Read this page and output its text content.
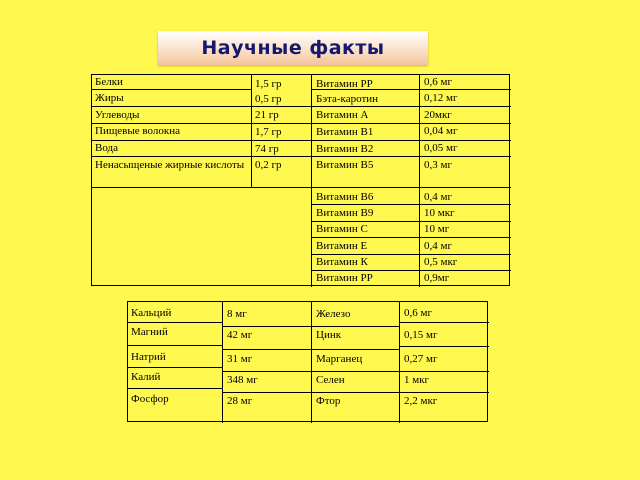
Научные факты
Белки	1,5 гр
Жиры	0,5 гр
Углеводы	21 гр
Пищевые волокна	1,7 гр
Вода	74 гр
Ненасыщеные жирные кислоты 0,2 гр
Витамин РР	0,6 мг
Бэта-каротин	0,12 мг
Витамин А	20мкг
Витамин В1	0,04 мг
Витамин В2	0,05 мг
Витамин В5	0,3 мг
Витамин В6	0,4 мг
Витамин В9	10 мкг
Витамин С	10 мг
Витамин Е	0,4 мг
Витамин К	0,5 мкг
Витамин РР	0,9мг
Кальций	8 мг
Магний	42 мг
Натрий	31 мг
Калий	348 мг
Фосфор	28 мг
Железо	0,6 мг
Цинк	0,15 мг
Марганец	0,27 мг
Селен	1 мкг
Фтор	2,2 мкг
